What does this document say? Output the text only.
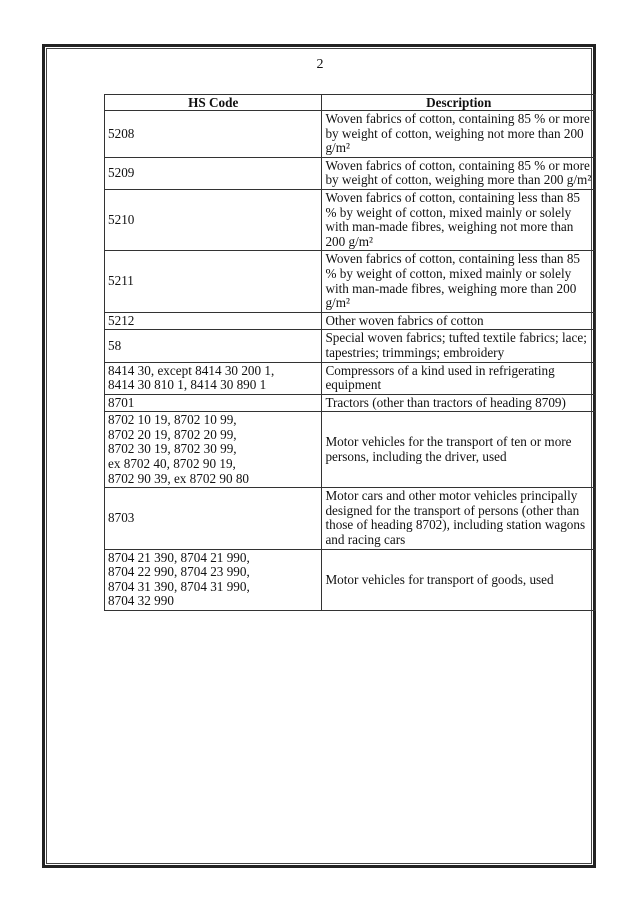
2
HS Code	Description
5208	Woven fabrics of cotton, containing 85 % or more by weight of cotton, weighing not more than 200 g/m²
5209	Woven fabrics of cotton, containing 85 % or more by weight of cotton, weighing more than 200 g/m²
5210	Woven fabrics of cotton, containing less than 85 % by weight of cotton, mixed mainly or solely with man-made fibres, weighing not more than 200 g/m²
5211	Woven fabrics of cotton, containing less than 85 % by weight of cotton, mixed mainly or solely with man-made fibres, weighing more than 200 g/m²
5212	Other woven fabrics of cotton
58	Special woven fabrics; tufted textile fabrics; lace; tapestries; trimmings; embroidery
8414 30, except 8414 30 200 1,
8414 30 810 1, 8414 30 890 1	Compressors of a kind used in refrigerating equipment
8701	Tractors (other than tractors of heading 8709)
8702 10 19, 8702 10 99,
8702 20 19, 8702 20 99,
8702 30 19, 8702 30 99,
ex 8702 40, 8702 90 19,
8702 90 39, ex 8702 90 80	Motor vehicles for the transport of ten or more persons, including the driver, used
8703	Motor cars and other motor vehicles principally designed for the transport of persons (other than those of heading 8702), including station wagons and racing cars
8704 21 390, 8704 21 990,
8704 22 990, 8704 23 990,
8704 31 390, 8704 31 990,
8704 32 990	Motor vehicles for transport of goods, used
